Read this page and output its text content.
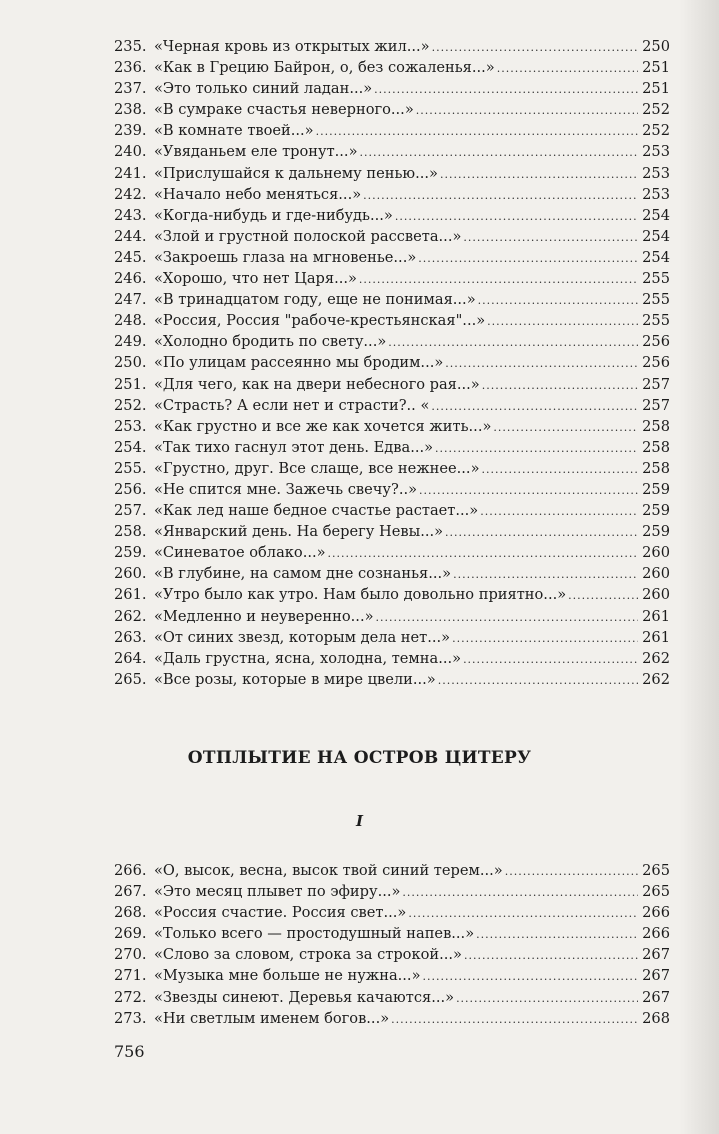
235. «Черная кровь из открытых жил...» .....	250
236. «Как в Грецию Байрон, о, без сожаленья...» .....	251
237. «Это только синий ладан...» .....	251
238. «В сумраке счастья неверного...» .....	252
239. «В комнате твоей...» .....	252
240. «Увяданьем еле тронут...» .....	253
241. «Прислушайся к дальнему пенью...» .....	253
242. «Начало небо меняться...» .....	253
243. «Когда-нибудь и где-нибудь...» .....	254
244. «Злой и грустной полоской рассвета...» .....	254
245. «Закроешь глаза на мгновенье...» .....	254
246. «Хорошо, что нет Царя...» .....	255
247. «В тринадцатом году, еще не понимая...» .....	255
248. «Россия, Россия "рабоче-крестьянская"...» .....	255
249. «Холодно бродить по свету...» .....	256
250. «По улицам рассеянно мы бродим...» .....	256
251. «Для чего, как на двери небесного рая...» .....	257
252. «Страсть? А если нет и страсти?.. « .....	257
253. «Как грустно и все же как хочется жить...» .....	258
254. «Так тихо гаснул этот день. Едва...» .....	258
255. «Грустно, друг. Все слаще, все нежнее...» .....	258
256. «Не спится мне. Зажечь свечу?..» .....	259
257. «Как лед наше бедное счастье растает...» .....	259
258. «Январский день. На берегу Невы...» .....	259
259. «Синеватое облако...» .....	260
260. «В глубине, на самом дне сознанья...» .....	260
261. «Утро было как утро. Нам было довольно приятно...» .....	260
262. «Медленно и неуверенно...» .....	261
263. «От синих звезд, которым дела нет...» .....	261
264. «Даль грустна, ясна, холодна, темна...» .....	262
265. «Все розы, которые в мире цвели...» .....	262
ОТПЛЫТИЕ НА ОСТРОВ ЦИТЕРУ
I
266. «О, высок, весна, высок твой синий терем...» .....	265
267. «Это месяц плывет по эфиру...» .....	265
268. «Россия счастие. Россия свет...» .....	266
269. «Только всего — простодушный напев...» .....	266
270. «Слово за словом, строка за строкой...» .....	267
271. «Музыка мне больше не нужна...» .....	267
272. «Звезды синеют. Деревья качаются...» .....	267
273. «Ни светлым именем богов...» .....	268
756
